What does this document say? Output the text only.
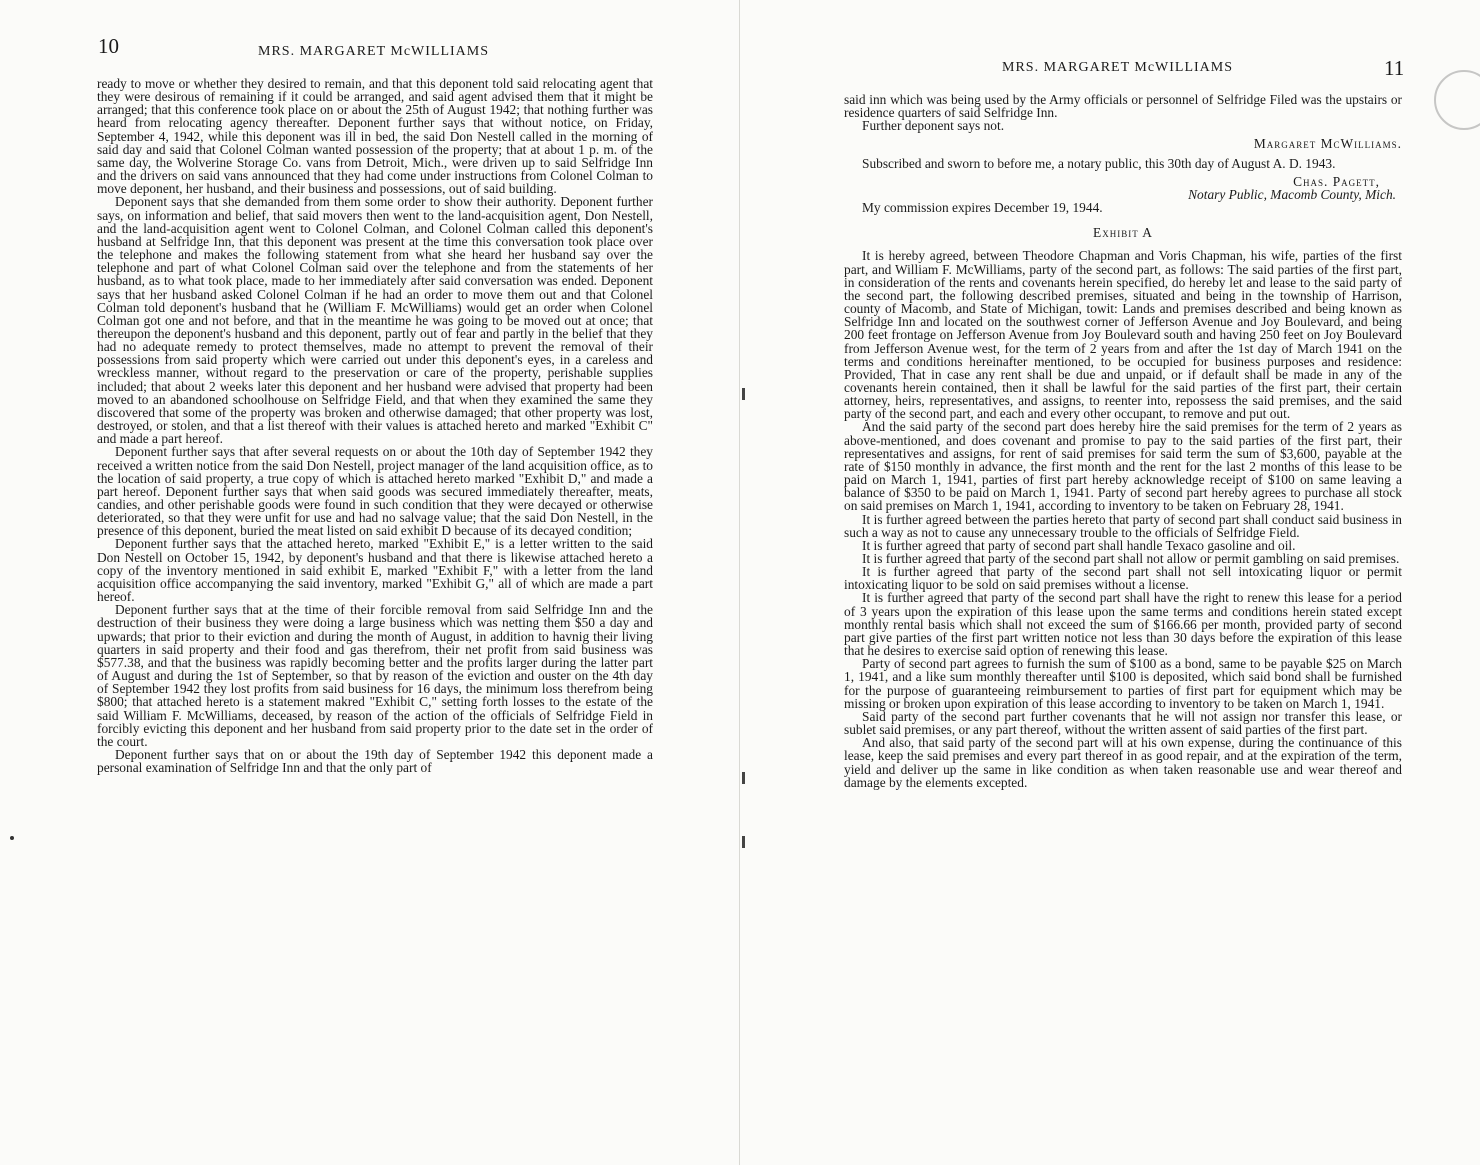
10	MRS. MARGARET McWILLIAMS

ready to move or whether they desired to remain, and that this deponent told said relocating agent that they were desirous of remaining if it could be arranged, and said agent advised them that it might be arranged; that this conference took place on or about the 25th of August 1942; that nothing further was heard from relocating agency thereafter. Deponent further says that without notice, on Friday, September 4, 1942, while this deponent was ill in bed, the said Don Nestell called in the morning of said day and said that Colonel Colman wanted possession of the property; that at about 1 p. m. of the same day, the Wolverine Storage Co. vans from Detroit, Mich., were driven up to said Selfridge Inn and the drivers on said vans announced that they had come under instructions from Colonel Colman to move deponent, her husband, and their business and possessions, out of said building.

Deponent says that she demanded from them some order to show their authority. Deponent further says, on information and belief, that said movers then went to the land-acquisition agent, Don Nestell, and the land-acquisition agent went to Colonel Colman, and Colonel Colman called this deponent's husband at Selfridge Inn, that this deponent was present at the time this conversation took place over the telephone and makes the following statement from what she heard her husband say over the telephone and part of what Colonel Colman said over the telephone and from the statements of her husband, as to what took place, made to her immediately after said conversation was ended. Deponent says that her husband asked Colonel Colman if he had an order to move them out and that Colonel Colman told deponent's husband that he (William F. McWilliams) would get an order when Colonel Colman got one and not before, and that in the meantime he was going to be moved out at once; that thereupon the deponent's husband and this deponent, partly out of fear and partly in the belief that they had no adequate remedy to protect themselves, made no attempt to prevent the removal of their possessions from said property which were carried out under this deponent's eyes, in a careless and wreckless manner, without regard to the preservation or care of the property, perishable supplies included; that about 2 weeks later this deponent and her husband were advised that property had been moved to an abandoned schoolhouse on Selfridge Field, and that when they examined the same they discovered that some of the property was broken and otherwise damaged; that other property was lost, destroyed, or stolen, and that a list thereof with their values is attached hereto and marked "Exhibit C" and made a part hereof.

Deponent further says that after several requests on or about the 10th day of September 1942 they received a written notice from the said Don Nestell, project manager of the land acquisition office, as to the location of said property, a true copy of which is attached hereto marked "Exhibit D," and made a part hereof. Deponent further says that when said goods was secured immediately thereafter, meats, candies, and other perishable goods were found in such condition that they were decayed or otherwise deteriorated, so that they were unfit for use and had no salvage value; that the said Don Nestell, in the presence of this deponent, buried the meat listed on said exhibit D because of its decayed condition;

Deponent further says that the attached hereto, marked "Exhibit E," is a letter written to the said Don Nestell on October 15, 1942, by deponent's husband and that there is likewise attached hereto a copy of the inventory mentioned in said exhibit E, marked "Exhibit F," with a letter from the land acquisition office accompanying the said inventory, marked "Exhibit G," all of which are made a part hereof.

Deponent further says that at the time of their forcible removal from said Selfridge Inn and the destruction of their business they were doing a large business which was netting them $50 a day and upwards; that prior to their eviction and during the month of August, in addition to havnig their living quarters in said property and their food and gas therefrom, their net profit from said business was $577.38, and that the business was rapidly becoming better and the profits larger during the latter part of August and during the 1st of September, so that by reason of the eviction and ouster on the 4th day of September 1942 they lost profits from said business for 16 days, the minimum loss therefrom being $800; that attached hereto is a statement makred "Exhibit C," setting forth losses to the estate of the said William F. McWilliams, deceased, by reason of the action of the officials of Selfridge Field in forcibly evicting this deponent and her husband from said property prior to the date set in the order of the court.

Deponent further says that on or about the 19th day of September 1942 this deponent made a personal examination of Selfridge Inn and that the only part of

MRS. MARGARET McWILLIAMS	11

said inn which was being used by the Army officials or personnel of Selfridge Filed was the upstairs or residence quarters of said Selfridge Inn.

Further deponent says not.

Margaret McWilliams.

Subscribed and sworn to before me, a notary public, this 30th day of August A. D. 1943.

Chas. Pagett,
Notary Public, Macomb County, Mich.

My commission expires December 19, 1944.

Exhibit A

It is hereby agreed, between Theodore Chapman and Voris Chapman, his wife, parties of the first part, and William F. McWilliams, party of the second part, as follows: The said parties of the first part, in consideration of the rents and covenants herein specified, do hereby let and lease to the said party of the second part, the following described premises, situated and being in the township of Harrison, county of Macomb, and State of Michigan, towit: Lands and premises described and being known as Selfridge Inn and located on the southwest corner of Jefferson Avenue and Joy Boulevard, and being 200 feet frontage on Jefferson Avenue from Joy Boulevard south and having 250 feet on Joy Boulevard from Jefferson Avenue west, for the term of 2 years from and after the 1st day of March 1941 on the terms and conditions hereinafter mentioned, to be occupied for business purposes and residence: Provided, That in case any rent shall be due and unpaid, or if default shall be made in any of the covenants herein contained, then it shall be lawful for the said parties of the first part, their certain attorney, heirs, representatives, and assigns, to reenter into, repossess the said premises, and the said party of the second part, and each and every other occupant, to remove and put out.

And the said party of the second part does hereby hire the said premises for the term of 2 years as above-mentioned, and does covenant and promise to pay to the said parties of the first part, their representatives and assigns, for rent of said premises for said term the sum of $3,600, payable at the rate of $150 monthly in advance, the first month and the rent for the last 2 months of this lease to be paid on March 1, 1941, parties of first part hereby acknowledge receipt of $100 on same leaving a balance of $350 to be paid on March 1, 1941. Party of second part hereby agrees to purchase all stock on said premises on March 1, 1941, according to inventory to be taken on February 28, 1941.

It is further agreed between the parties hereto that party of second part shall conduct said business in such a way as not to cause any unnecessary trouble to the officials of Selfridge Field.

It is further agreed that party of second part shall handle Texaco gasoline and oil.

It is further agreed that party of the second part shall not allow or permit gambling on said premises.

It is further agreed that party of the second part shall not sell intoxicating liquor or permit intoxicating liquor to be sold on said premises without a license.

It is further agreed that party of the second part shall have the right to renew this lease for a period of 3 years upon the expiration of this lease upon the same terms and conditions herein stated except monthly rental basis which shall not exceed the sum of $166.66 per month, provided party of second part give parties of the first part written notice not less than 30 days before the expiration of this lease that he desires to exercise said option of renewing this lease.

Party of second part agrees to furnish the sum of $100 as a bond, same to be payable $25 on March 1, 1941, and a like sum monthly thereafter until $100 is deposited, which said bond shall be furnished for the purpose of guaranteeing reimbursement to parties of first part for equipment which may be missing or broken upon expiration of this lease according to inventory to be taken on March 1, 1941.

Said party of the second part further covenants that he will not assign nor transfer this lease, or sublet said premises, or any part thereof, without the written assent of said parties of the first part.

And also, that said party of the second part will at his own expense, during the continuance of this lease, keep the said premises and every part thereof in as good repair, and at the expiration of the term, yield and deliver up the same in like condition as when taken reasonable use and wear thereof and damage by the elements excepted.
